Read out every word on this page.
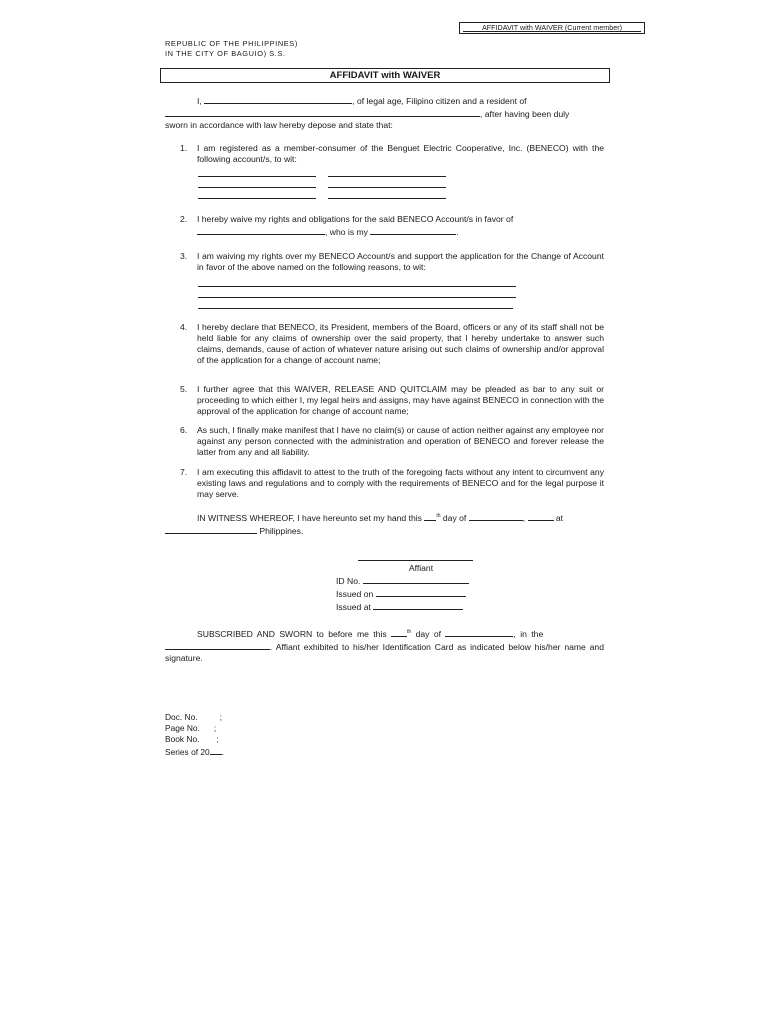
AFFIDAVIT with WAIVER (Current member)
REPUBLIC OF THE PHILIPPINES)
IN THE CITY OF BAGUIO) S.S.
AFFIDAVIT with WAIVER
I,	, of legal age, Filipino citizen and a resident of
, after having been duly
sworn in accordance with law hereby depose and state that:
1.	I am registered as a member-consumer of the Benguet Electric Cooperative, Inc. (BENECO) with the following account/s, to wit:
2.	I hereby waive my rights and obligations for the said BENECO Account/s in favor of
, who is my	.
3.	I am waiving my rights over my BENECO Account/s and support the application for the Change of Account in favor of the above named on the following reasons, to wit:
4.	I hereby declare that BENECO, its President, members of the Board, officers or any of its staff shall not be held liable for any claims of ownership over the said property, that I hereby undertake to answer such claims, demands, cause of action of whatever nature arising out such claims of ownership and/or approval of the application for a change of account name;
5.	I further agree that this WAIVER, RELEASE AND QUITCLAIM may be pleaded as bar to any suit or proceeding to which either I, my legal heirs and assigns, may have against BENECO in connection with the approval of the application for change of account name;
6.	As such, I finally make manifest that I have no claim(s) or cause of action neither against any employee nor against any person connected with the administration and operation of BENECO and forever release the latter from any and all liability.
7.	I am executing this affidavit to attest to the truth of the foregoing facts without any intent to circumvent any existing laws and regulations and to comply with the requirements of BENECO and for the legal purpose it may serve.
IN WITNESS WHEREOF, I have hereunto set my hand this	$^{th}$ day of	,	at
Philippines.
Affiant
ID No.
Issued on
Issued at
SUBSCRIBED AND SWORN to before me this	$^{th}$ day of	, in the
. Affiant exhibited to his/her Identification Card as indicated below his/her name and signature.
Doc. No.	;
Page No. ;
Book No. ;
Series of 20 .
